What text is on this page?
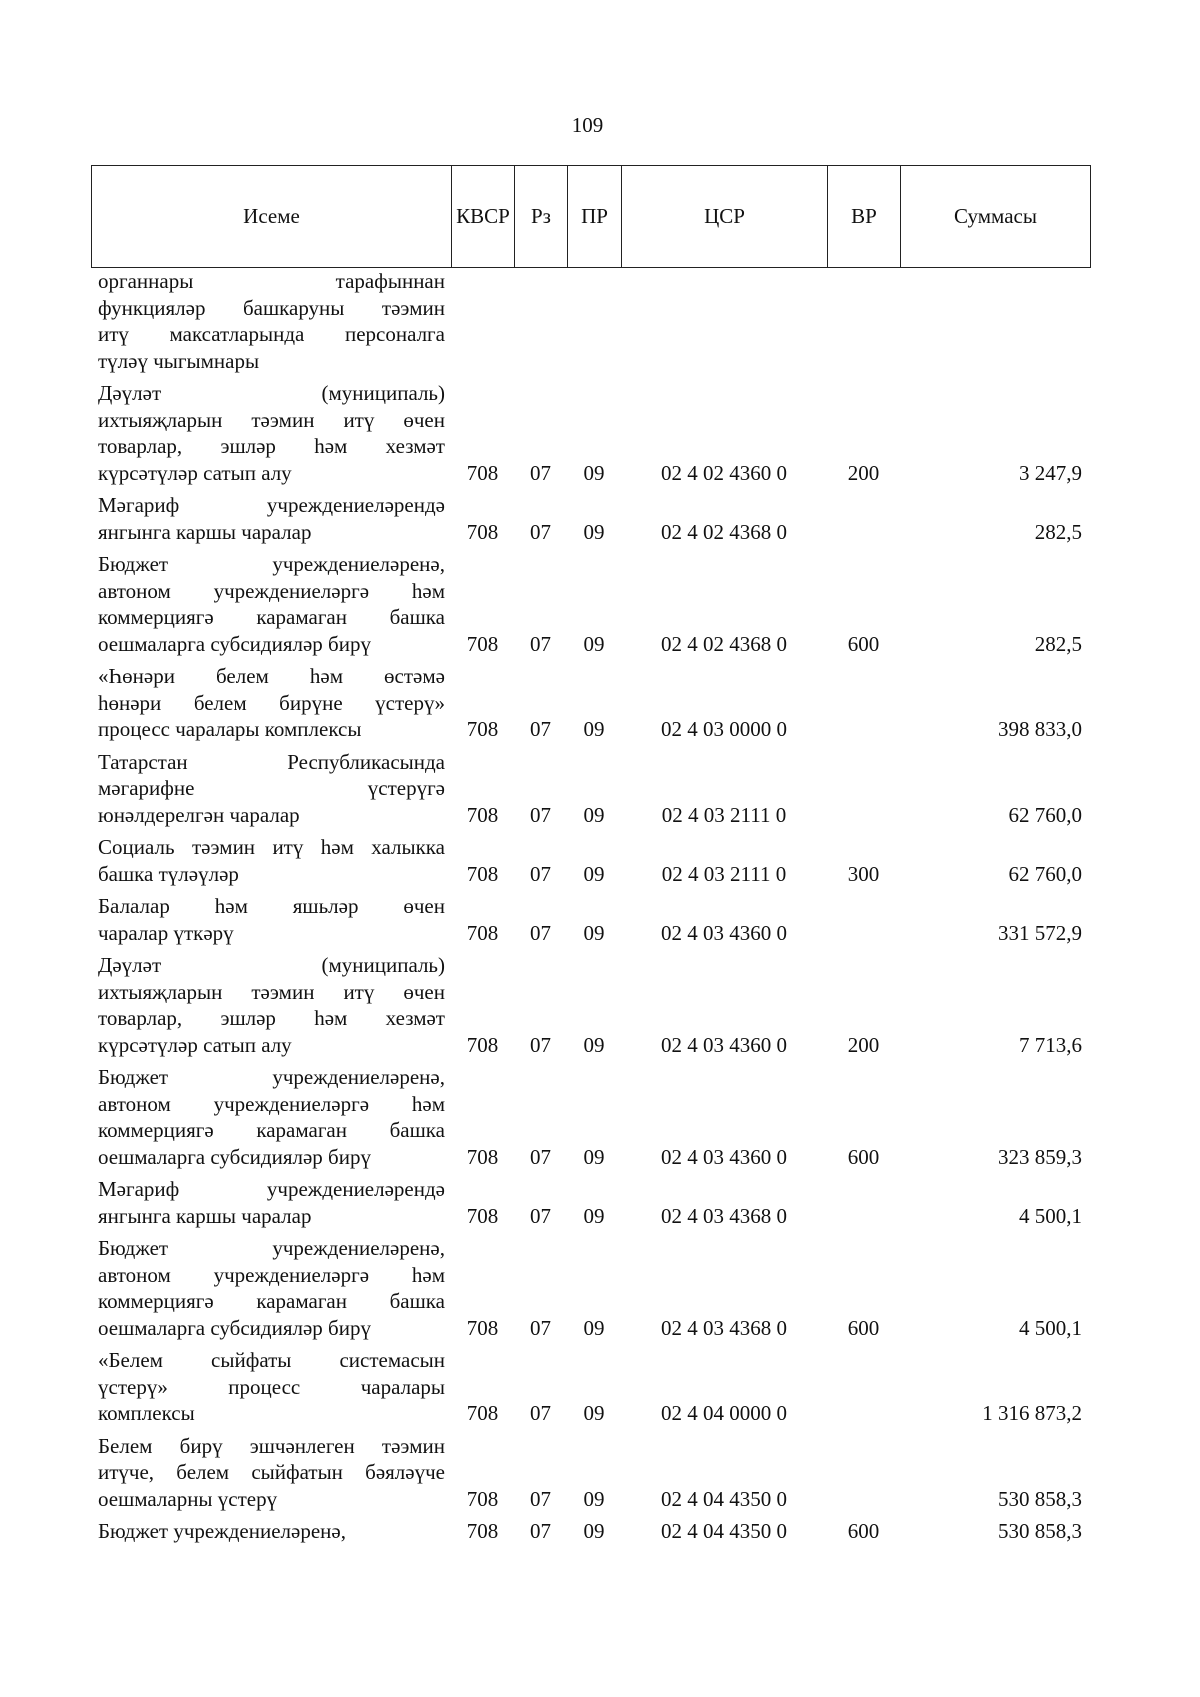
109
Исеме	КВСР	Рз	ПР	ЦСР	ВР	Суммасы
органнары тарафыннан
функцияләр башкаруны тәэмин
итү максатларында персоналга
түләү чыгымнары						

Дәүләт (муниципаль)
ихтыяҗларын тәэмин итү өчен
товарлар, эшләр һәм хезмәт
күрсәтүләр сатып алу	708	07	09	02 4 02 4360 0	200	3 247,9

Мәгариф учреждениеләрендә
янгынга каршы чаралар	708	07	09	02 4 02 4368 0		282,5

Бюджет учреждениеләренә,
автоном учреждениеләргә һәм
коммерциягә карамаган башка
оешмаларга субсидияләр бирү	708	07	09	02 4 02 4368 0	600	282,5

«Һөнәри белем һәм өстәмә
һөнәри белем бирүне үстерү»
процесс чаралары комплексы	708	07	09	02 4 03 0000 0		398 833,0

Татарстан Республикасында
мәгарифне үстерүгә
юнәлдерелгән чаралар	708	07	09	02 4 03 2111 0		62 760,0

Социаль тәэмин итү һәм халыкка
башка түләүләр	708	07	09	02 4 03 2111 0	300	62 760,0

Балалар һәм яшьләр өчен
чаралар үткәрү	708	07	09	02 4 03 4360 0		331 572,9

Дәүләт (муниципаль)
ихтыяҗларын тәэмин итү өчен
товарлар, эшләр һәм хезмәт
күрсәтүләр сатып алу	708	07	09	02 4 03 4360 0	200	7 713,6

Бюджет учреждениеләренә,
автоном учреждениеләргә һәм
коммерциягә карамаган башка
оешмаларга субсидияләр бирү	708	07	09	02 4 03 4360 0	600	323 859,3

Мәгариф учреждениеләрендә
янгынга каршы чаралар	708	07	09	02 4 03 4368 0		4 500,1

Бюджет учреждениеләренә,
автоном учреждениеләргә һәм
коммерциягә карамаган башка
оешмаларга субсидияләр бирү	708	07	09	02 4 03 4368 0	600	4 500,1

«Белем сыйфаты системасын
үстерү» процесс чаралары
комплексы	708	07	09	02 4 04 0000 0		1 316 873,2

Белем бирү эшчәнлеген тәэмин
итүче, белем сыйфатын бәяләүче
оешмаларны үстерү	708	07	09	02 4 04 4350 0		530 858,3

Бюджет учреждениеләренә,	708	07	09	02 4 04 4350 0	600	530 858,3
